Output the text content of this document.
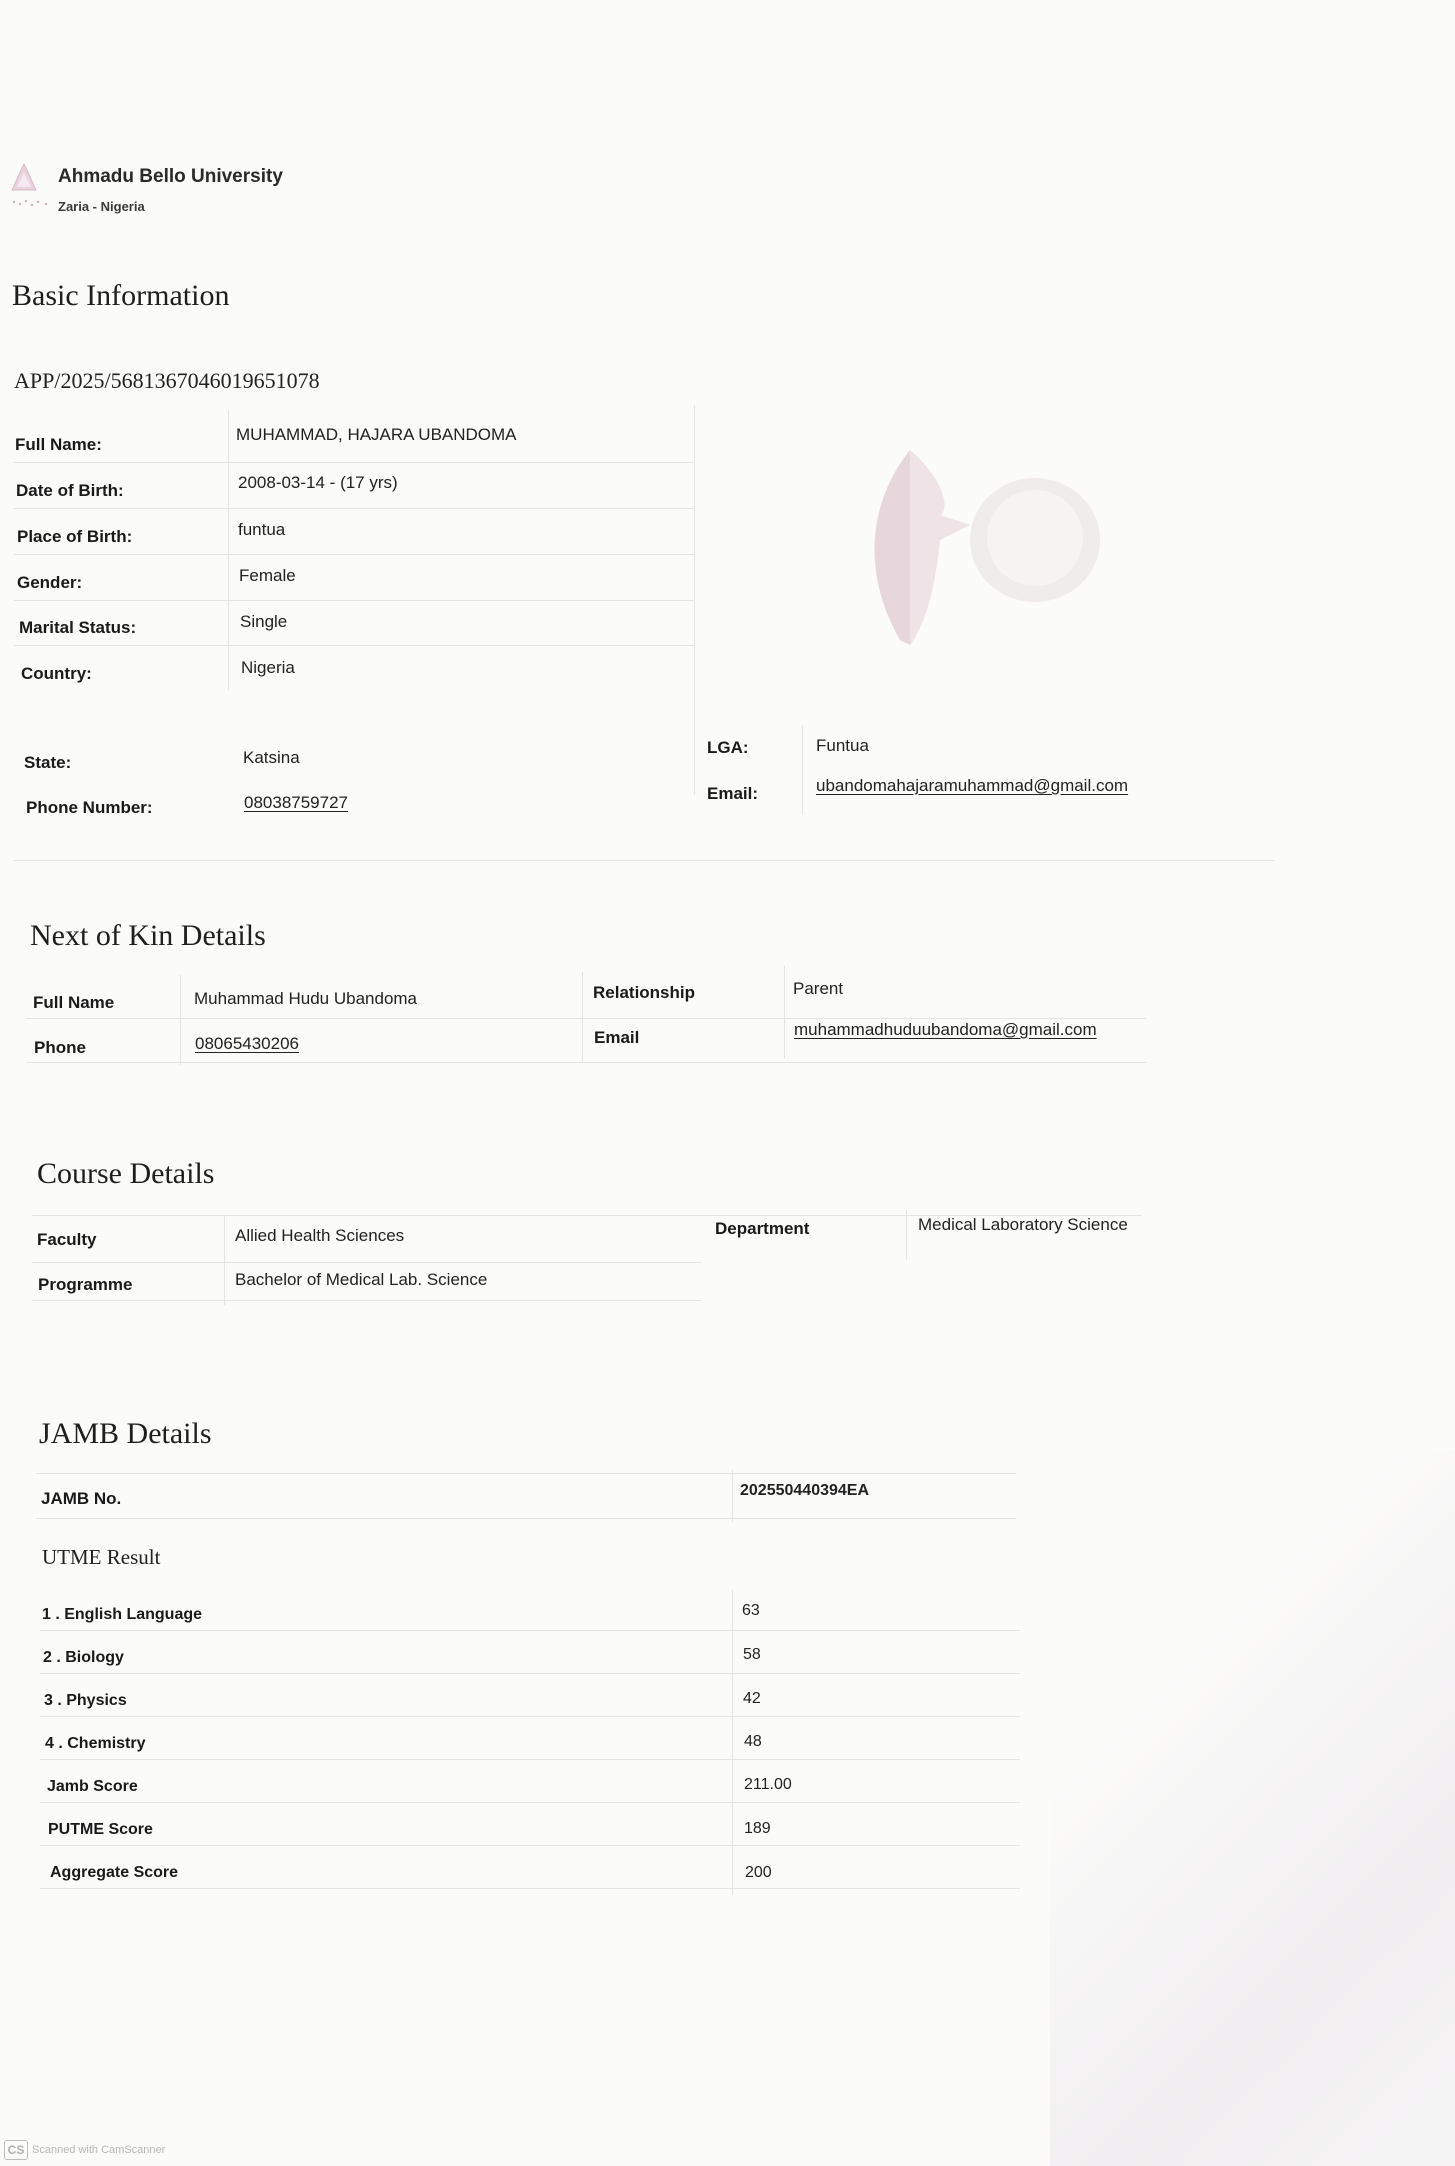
Ahmadu Bello University
Zaria - Nigeria
Basic Information
APP/2025/5681367046019651078
Full Name:
MUHAMMAD, HAJARA UBANDOMA
Date of Birth:	2008-03-14 - (17 yrs)
Place of Birth:	funtua
Gender:	Female
Marital Status:	Single
Country:	Nigeria
State:	Katsina
Phone Number:	08038759727
LGA:	Funtua
Email:	ubandomahajaramuhammad@gmail.com
Next of Kin Details
Full Name	Muhammad Hudu Ubandoma	Relationship	Parent
Phone	08065430206	Email	muhammadhuduubandoma@gmail.com
Course Details
Faculty	Allied Health Sciences	Department	Medical Laboratory Science
Programme	Bachelor of Medical Lab. Science
JAMB Details
JAMB No.	202550440394EA
UTME Result
1 . English Language	63
2 . Biology	58
3 . Physics	42
4 . Chemistry	48
Jamb Score	211.00
PUTME Score	189
Aggregate Score	200
CS Scanned with CamScanner
